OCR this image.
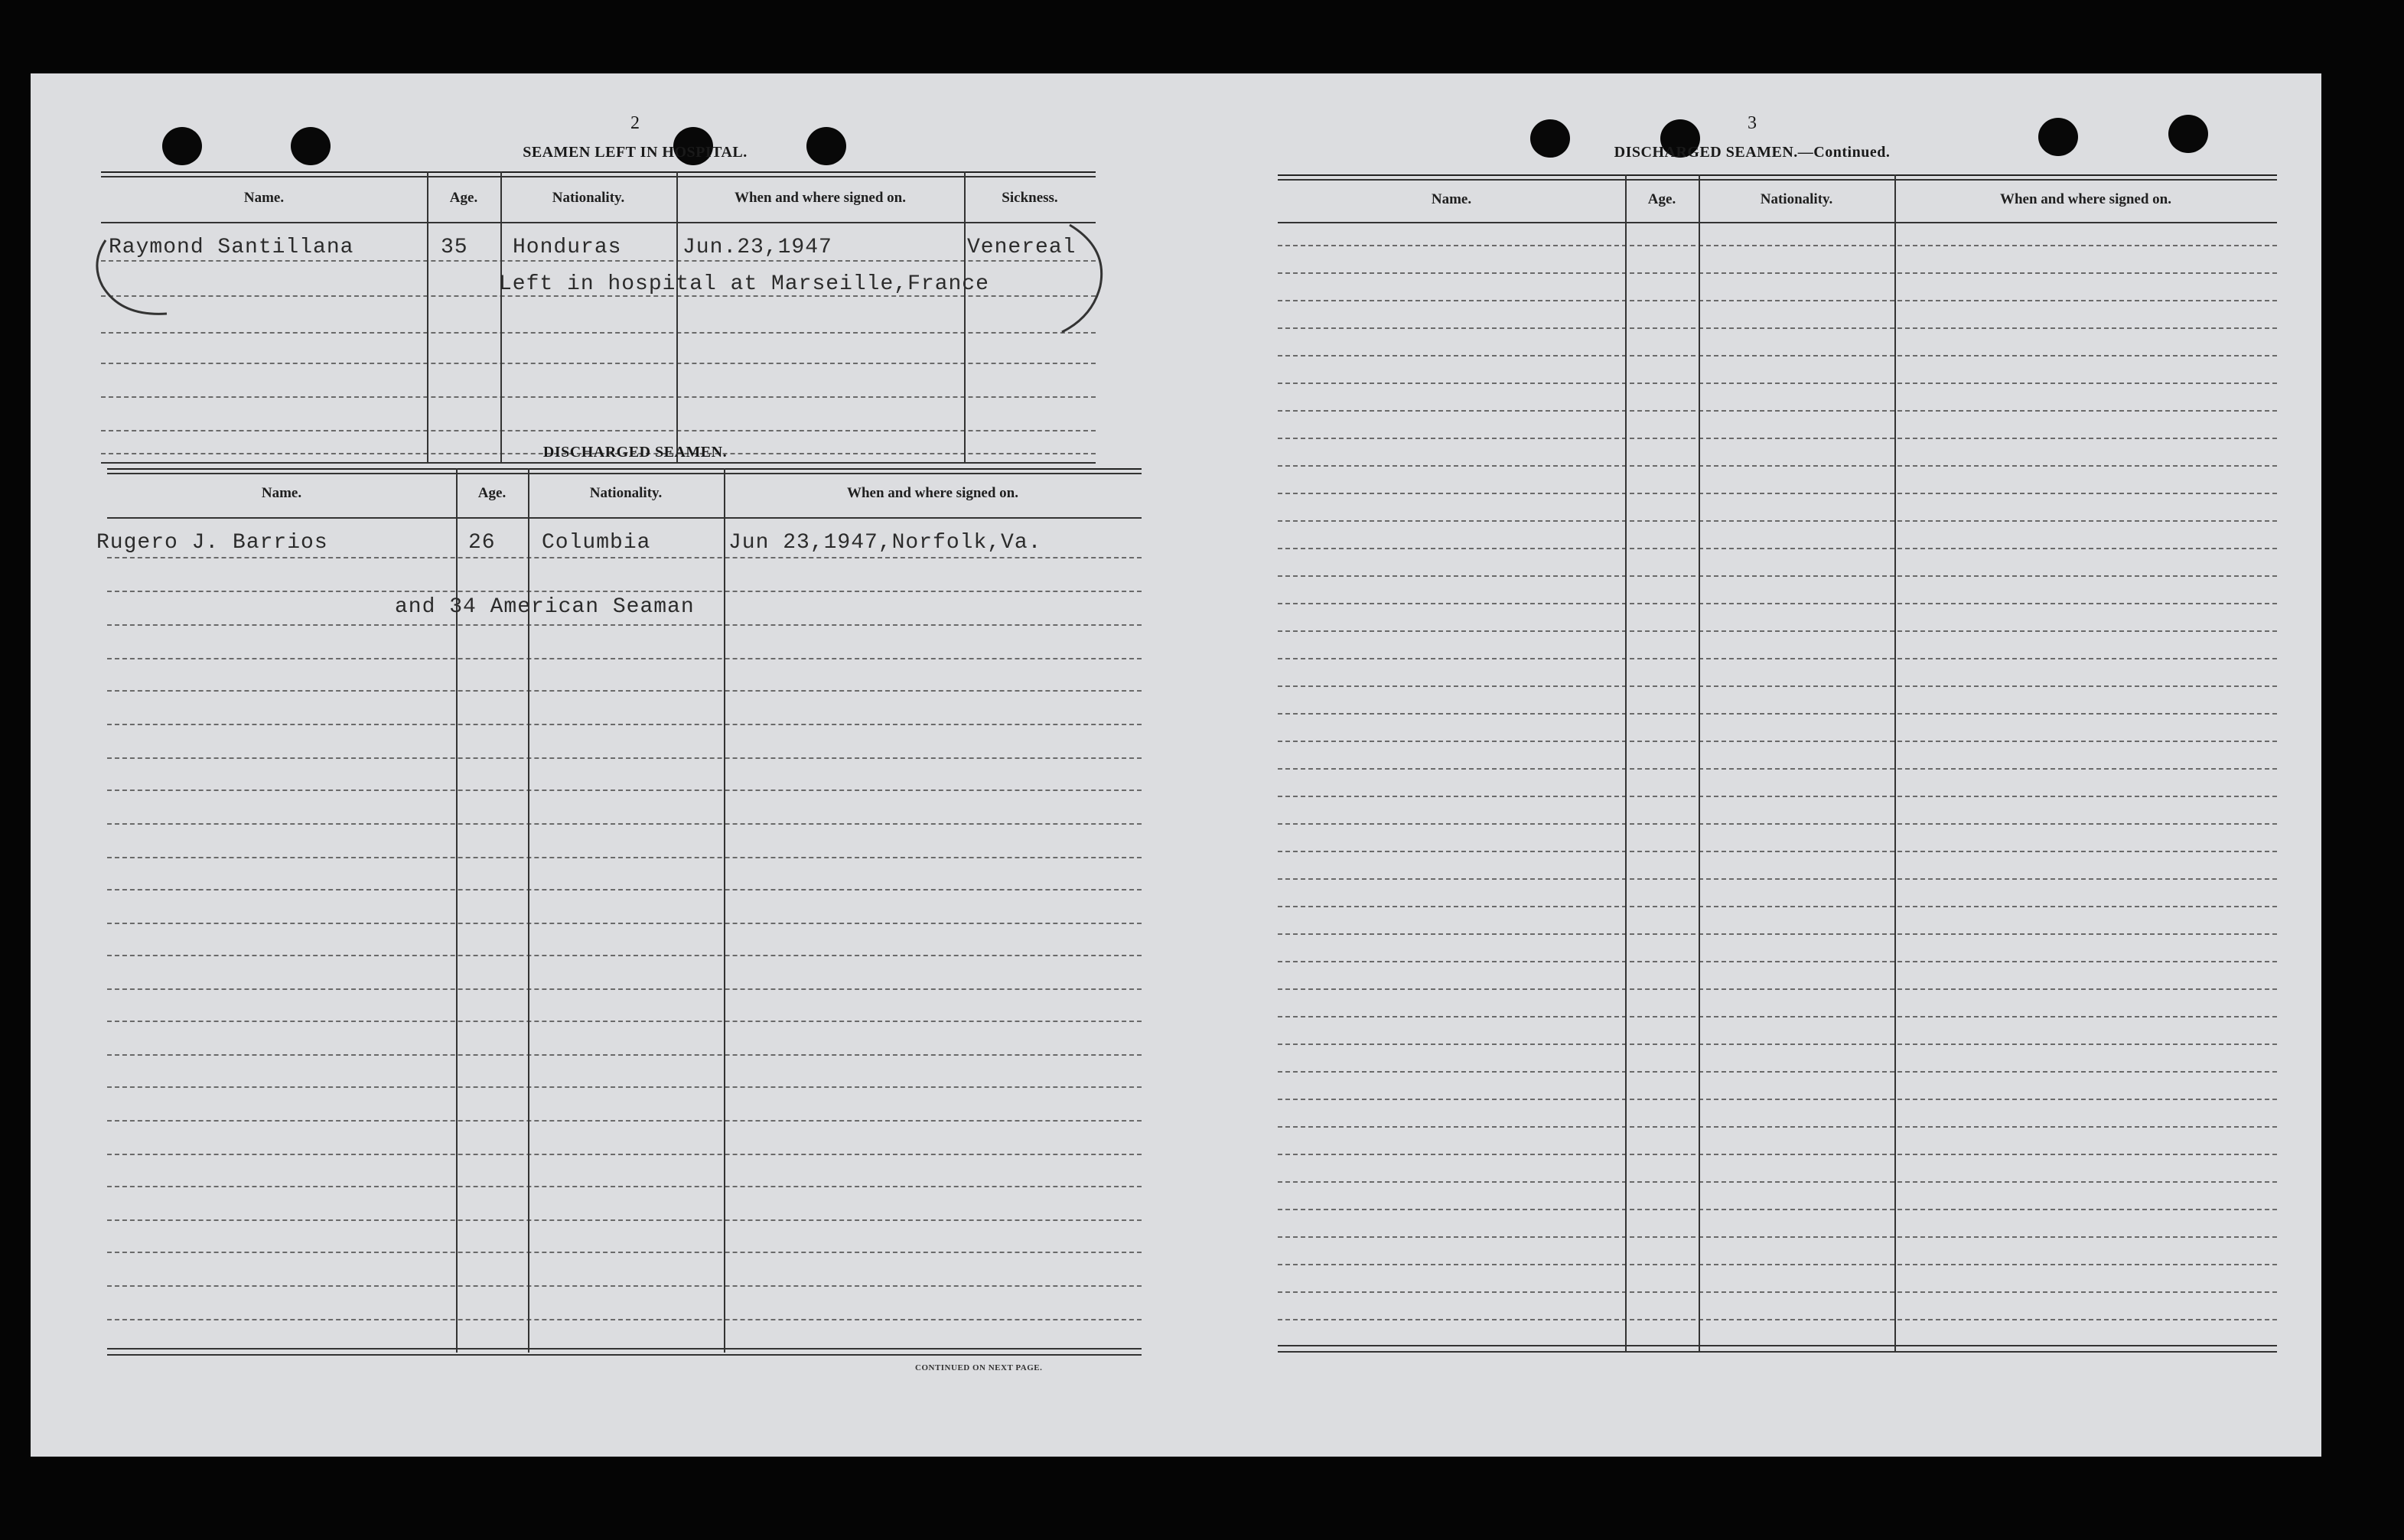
2
SEAMEN LEFT IN HOSPITAL.
Name.	Age.	Nationality.	When and where signed on.	Sickness.
Raymond Santillana	35 Honduras	Jun.23,1947	Venereal
Left in hospital at Marseille,France
DISCHARGED SEAMEN.
Name.	Age.	Nationality.	When and where signed on.
Rugero J. Barrios	26 Columbia	Jun 23,1947,Norfolk,Va.
and 34 American Seaman
CONTINUED ON NEXT PAGE.
3
DISCHARGED SEAMEN.—Continued.
Name.	Age.	Nationality.	When and where signed on.
